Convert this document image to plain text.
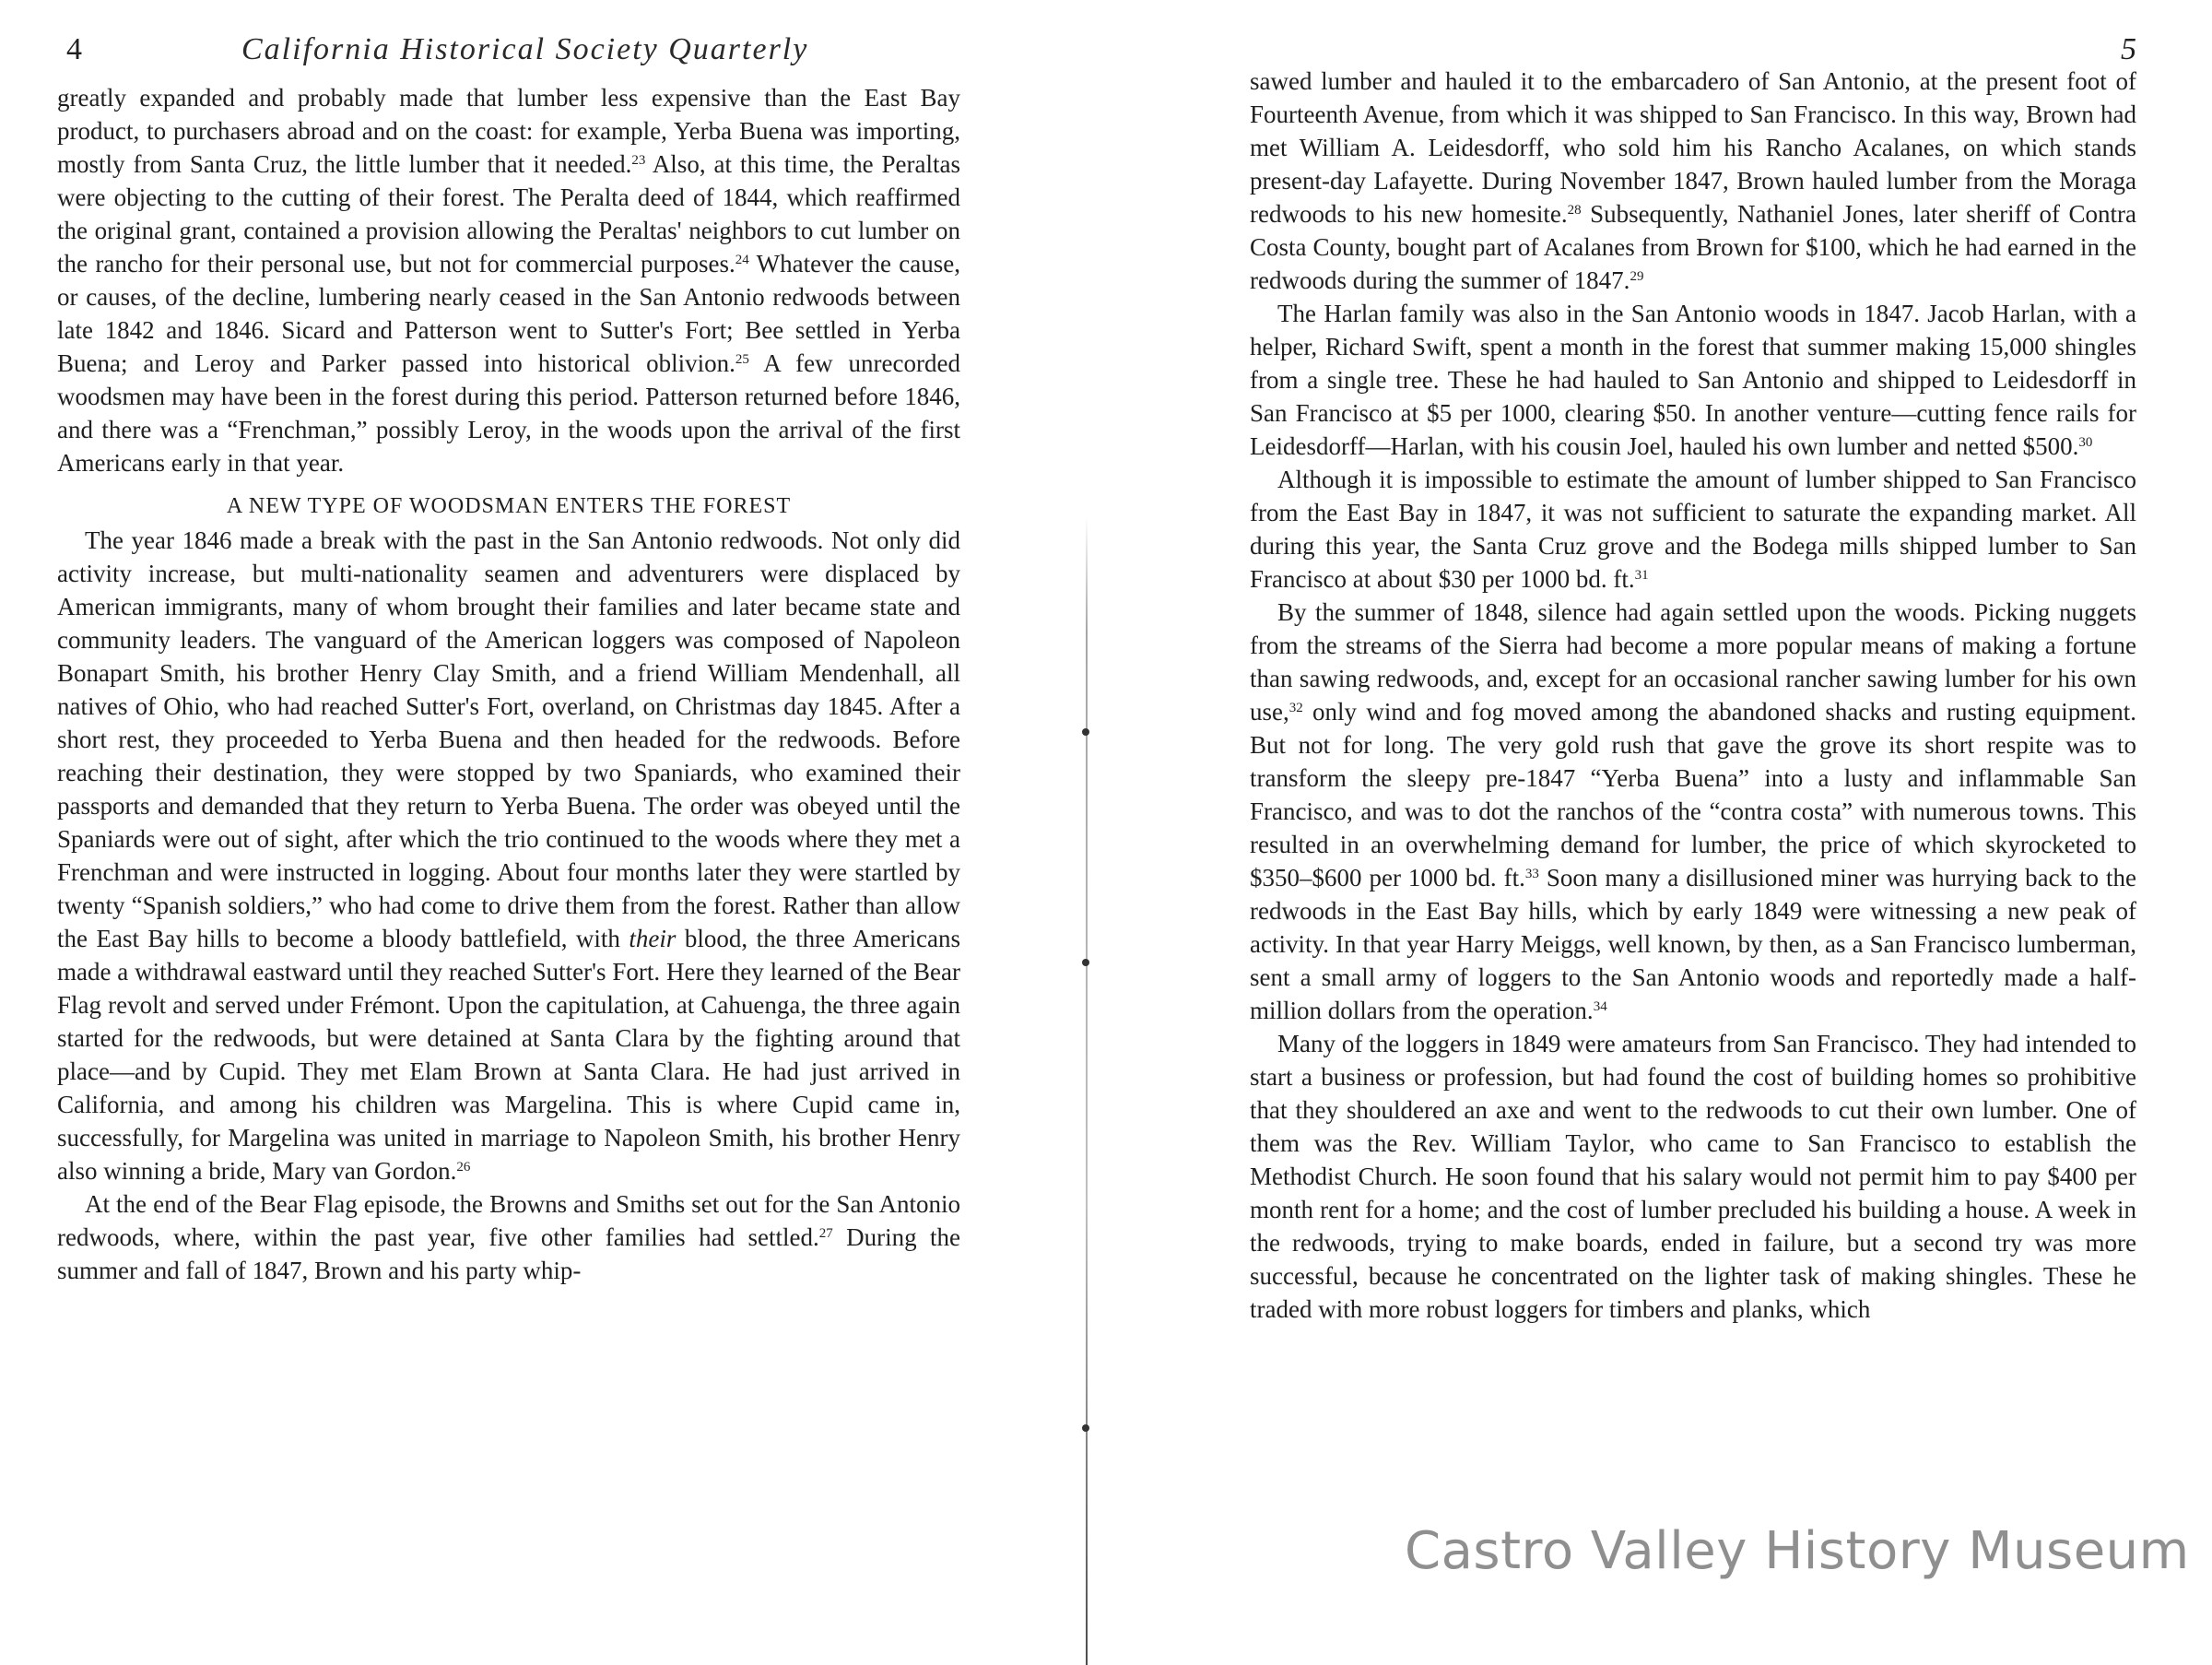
4	California Historical Society Quarterly

greatly expanded and probably made that lumber less expensive than the East Bay product, to purchasers abroad and on the coast: for example, Yerba Buena was importing, mostly from Santa Cruz, the little lumber that it needed.$^{23}$ Also, at this time, the Peraltas were objecting to the cutting of their forest. The Peralta deed of 1844, which reaffirmed the original grant, contained a provision allowing the Peraltas' neighbors to cut lumber on the rancho for their personal use, but not for commercial purposes.$^{24}$ Whatever the cause, or causes, of the decline, lumbering nearly ceased in the San Antonio redwoods between late 1842 and 1846. Sicard and Patterson went to Sutter's Fort; Bee settled in Yerba Buena; and Leroy and Parker passed into historical oblivion.$^{25}$ A few unrecorded woodsmen may have been in the forest during this period. Patterson returned before 1846, and there was a “Frenchman,” possibly Leroy, in the woods upon the arrival of the first Americans early in that year.

A NEW TYPE OF WOODSMAN ENTERS THE FOREST

The year 1846 made a break with the past in the San Antonio redwoods. Not only did activity increase, but multi-nationality seamen and adventurers were displaced by American immigrants, many of whom brought their families and later became state and community leaders. The vanguard of the American loggers was composed of Napoleon Bonapart Smith, his brother Henry Clay Smith, and a friend William Mendenhall, all natives of Ohio, who had reached Sutter's Fort, overland, on Christmas day 1845. After a short rest, they proceeded to Yerba Buena and then headed for the redwoods. Before reaching their destination, they were stopped by two Spaniards, who examined their passports and demanded that they return to Yerba Buena. The order was obeyed until the Spaniards were out of sight, after which the trio continued to the woods where they met a Frenchman and were instructed in logging. About four months later they were startled by twenty “Spanish soldiers,” who had come to drive them from the forest. Rather than allow the East Bay hills to become a bloody battlefield, with their blood, the three Americans made a withdrawal eastward until they reached Sutter's Fort. Here they learned of the Bear Flag revolt and served under Frémont. Upon the capitulation, at Cahuenga, the three again started for the redwoods, but were detained at Santa Clara by the fighting around that place—and by Cupid. They met Elam Brown at Santa Clara. He had just arrived in California, and among his children was Margelina. This is where Cupid came in, successfully, for Margelina was united in marriage to Napoleon Smith, his brother Henry also winning a bride, Mary van Gordon.$^{26}$

At the end of the Bear Flag episode, the Browns and Smiths set out for the San Antonio redwoods, where, within the past year, five other families had settled.$^{27}$ During the summer and fall of 1847, Brown and his party whip-

5

sawed lumber and hauled it to the embarcadero of San Antonio, at the present foot of Fourteenth Avenue, from which it was shipped to San Francisco. In this way, Brown had met William A. Leidesdorff, who sold him his Rancho Acalanes, on which stands present-day Lafayette. During November 1847, Brown hauled lumber from the Moraga redwoods to his new homesite.$^{28}$ Subsequently, Nathaniel Jones, later sheriff of Contra Costa County, bought part of Acalanes from Brown for $100, which he had earned in the redwoods during the summer of 1847.29

The Harlan family was also in the San Antonio woods in 1847. Jacob Harlan, with a helper, Richard Swift, spent a month in the forest that summer making 15,000 shingles from a single tree. These he had hauled to San Antonio and shipped to Leidesdorff in San Francisco at $5 per 1000, clearing $50. In another venture—cutting fence rails for Leidesdorff—Harlan, with his cousin Joel, hauled his own lumber and netted $500.30

Although it is impossible to estimate the amount of lumber shipped to San Francisco from the East Bay in 1847, it was not sufficient to saturate the expanding market. All during this year, the Santa Cruz grove and the Bodega mills shipped lumber to San Francisco at about $30 per 1000 bd. ft.$^{31}$

By the summer of 1848, silence had again settled upon the woods. Picking nuggets from the streams of the Sierra had become a more popular means of making a fortune than sawing redwoods, and, except for an occasional rancher sawing lumber for his own use,$^{32}$ only wind and fog moved among the abandoned shacks and rusting equipment. But not for long. The very gold rush that gave the grove its short respite was to transform the sleepy pre-1847 “Yerba Buena” into a lusty and inflammable San Francisco, and was to dot the ranchos of the “contra costa” with numerous towns. This resulted in an overwhelming demand for lumber, the price of which skyrocketed to $350–$600 per 1000 bd. ft.$^{33}$ Soon many a disillusioned miner was hurrying back to the redwoods in the East Bay hills, which by early 1849 were witnessing a new peak of activity. In that year Harry Meiggs, well known, by then, as a San Francisco lumberman, sent a small army of loggers to the San Antonio woods and reportedly made a half-million dollars from the operation.$^{34}$

Many of the loggers in 1849 were amateurs from San Francisco. They had intended to start a business or profession, but had found the cost of building homes so prohibitive that they shouldered an axe and went to the redwoods to cut their own lumber. One of them was the Rev. William Taylor, who came to San Francisco to establish the Methodist Church. He soon found that his salary would not permit him to pay $400 per month rent for a home; and the cost of lumber precluded his building a house. A week in the redwoods, trying to make boards, ended in failure, but a second try was more successful, because he concentrated on the lighter task of making shingles. These he traded with more robust loggers for timbers and planks, which

Castro Valley History Museum
